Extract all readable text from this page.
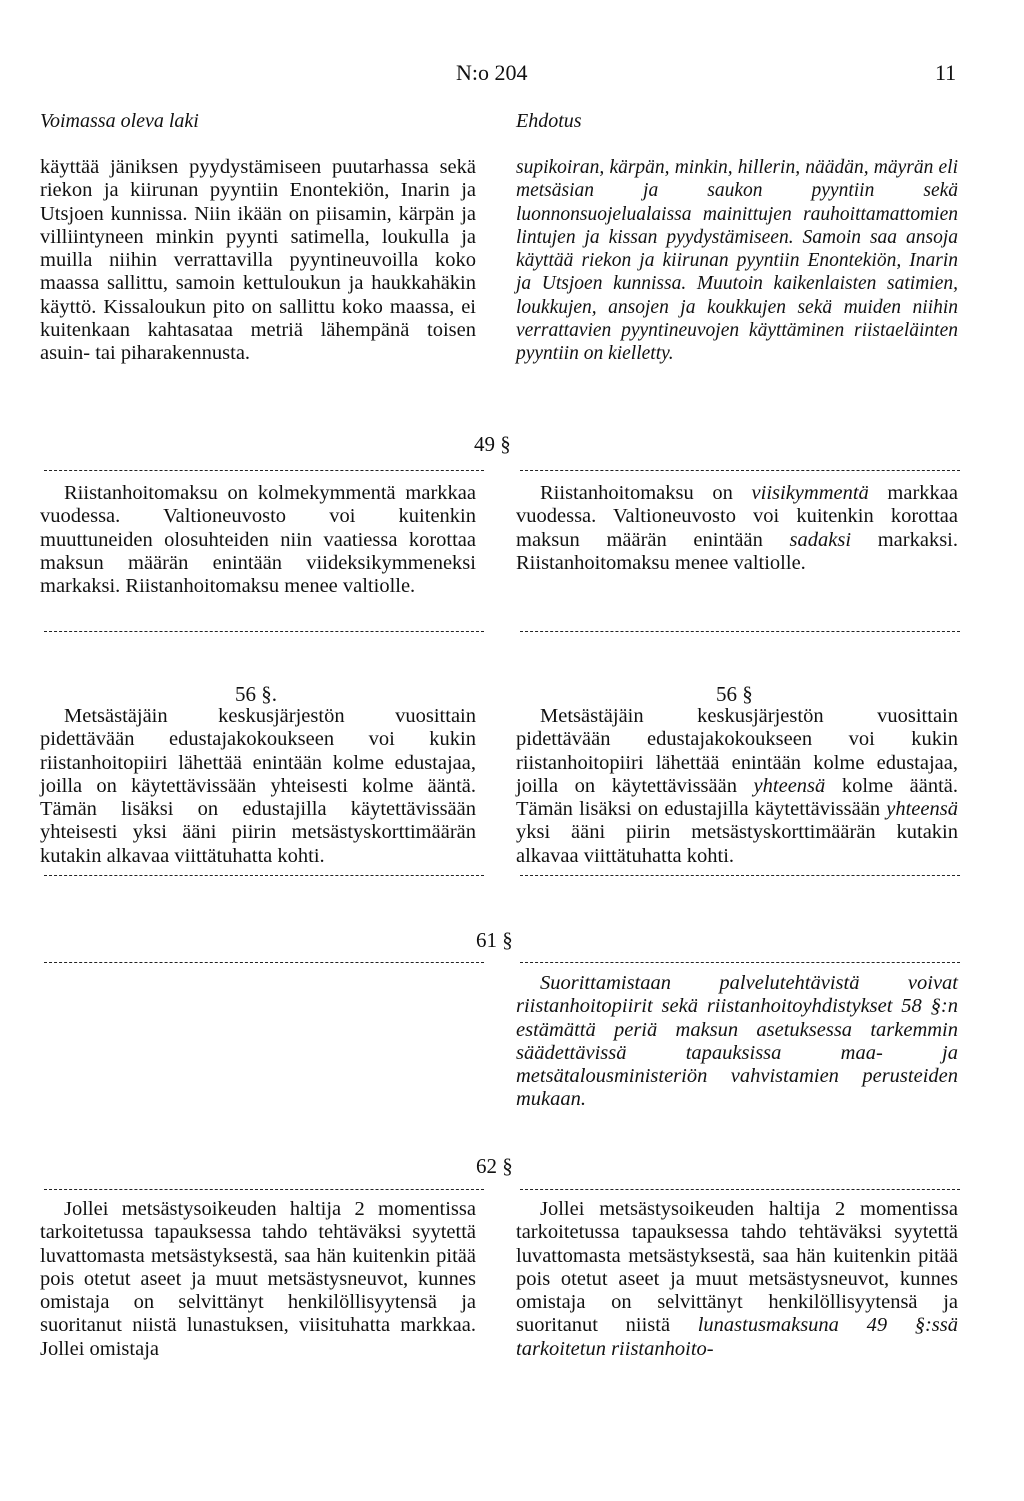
N:o 204	11
Voimassa oleva laki	Ehdotus

käyttää jäniksen pyydystämiseen puutarhassa sekä riekon ja kiirunan pyyntiin Enontekiön, Inarin ja Utsjoen kunnissa. Niin ikään on piisamin, kärpän ja villiintyneen minkin pyynti satimella, loukulla ja muilla niihin verrattavilla pyyntineuvoilla koko maassa sallittu, samoin kettuloukun ja haukkahäkin käyttö. Kissaloukun pito on sallittu koko maassa, ei kuitenkaan kahtasataa metriä lähempänä toisen asuin- tai piharakennusta.

supikoiran, kärpän, minkin, hillerin, näädän, mäyrän eli metsäsian ja saukon pyyntiin sekä luonnonsuojelualaissa mainittujen rauhoittamattomien lintujen ja kissan pyydystämiseen. Samoin saa ansoja käyttää riekon ja kiirunan pyyntiin Enontekiön, Inarin ja Utsjoen kunnissa. Muutoin kaikenlaisten satimien, loukkujen, ansojen ja koukkujen sekä muiden niihin verrattavien pyyntineuvojen käyttäminen riistaeläinten pyyntiin on kielletty.

49 §

Riistanhoitomaksu on kolmekymmentä markkaa vuodessa. Valtioneuvosto voi kuitenkin muuttuneiden olosuhteiden niin vaatiessa korottaa maksun määrän enintään viideksikymmeneksi markaksi. Riistanhoitomaksu menee valtiolle.

Riistanhoitomaksu on viisikymmentä markkaa vuodessa. Valtioneuvosto voi kuitenkin korottaa maksun määrän enintään sadaksi markaksi. Riistanhoitomaksu menee valtiolle.

56 §.	56 §

Metsästäjäin keskusjärjestön vuosittain pidettävään edustajakokoukseen voi kukin riistanhoitopiiri lähettää enintään kolme edustajaa, joilla on käytettävissään yhteisesti kolme ääntä. Tämän lisäksi on edustajilla käytettävissään yhteisesti yksi ääni piirin metsästyskorttimäärän kutakin alkavaa viittätuhatta kohti.

Metsästäjäin keskusjärjestön vuosittain pidettävään edustajakokoukseen voi kukin riistanhoitopiiri lähettää enintään kolme edustajaa, joilla on käytettävissään yhteensä kolme ääntä. Tämän lisäksi on edustajilla käytettävissään yhteensä yksi ääni piirin metsästyskorttimäärän kutakin alkavaa viittätuhatta kohti.

61 §

Suorittamistaan palvelutehtävistä voivat riistanhoitopiirit sekä riistanhoitoyhdistykset 58 §:n estämättä periä maksun asetuksessa tarkemmin säädettävissä tapauksissa maa- ja metsätalousministeriön vahvistamien perusteiden mukaan.

62 §

Jollei metsästysoikeuden haltija 2 momentissa tarkoitetussa tapauksessa tahdo tehtäväksi syytettä luvattomasta metsästyksestä, saa hän kuitenkin pitää pois otetut aseet ja muut metsästysneuvot, kunnes omistaja on selvittänyt henkilöllisyytensä ja suoritanut niistä lunastuksen, viisituhatta markkaa. Jollei omistaja

Jollei metsästysoikeuden haltija 2 momentissa tarkoitetussa tapauksessa tahdo tehtäväksi syytettä luvattomasta metsästyksestä, saa hän kuitenkin pitää pois otetut aseet ja muut metsästysneuvot, kunnes omistaja on selvittänyt henkilöllisyytensä ja suoritanut niistä lunastusmaksuna 49 §:ssä tarkoitetun riistanhoito-
